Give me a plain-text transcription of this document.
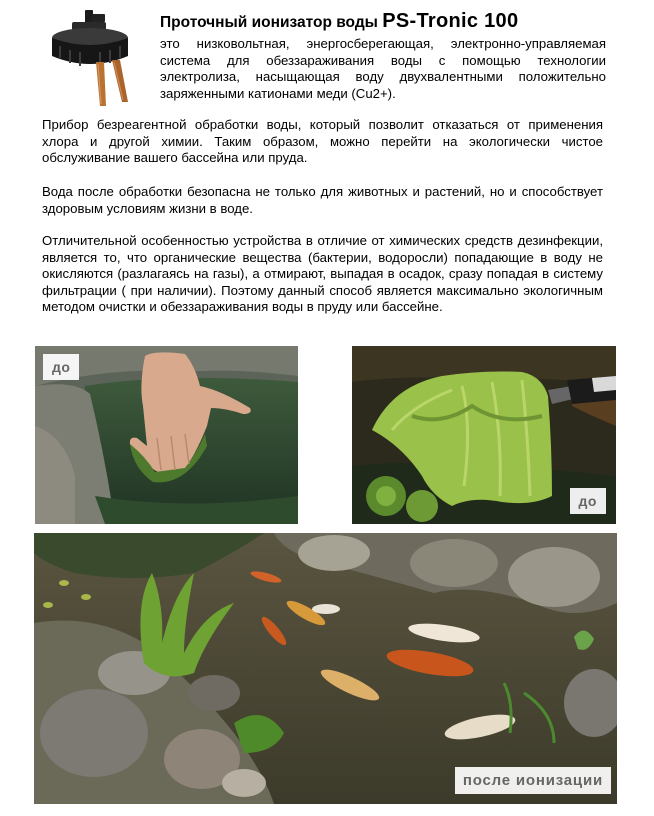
Проточный ионизатор воды PS-Tronic 100
это низковольтная, энергосберегающая, электронно-управляемая система для обеззараживания воды с помощью технологии электролиза, насыщающая воду двухвалентными положительно заряженными катионами меди (Cu2+).

Прибор безреагентной обработки воды, который позволит отказаться от применения хлора и другой химии. Таким образом, можно перейти на экологически чистое обслуживание вашего бассейна или пруда.

Вода после обработки безопасна не только для животных и растений, но и способствует здоровым условиям жизни в воде.

Отличительной особенностью устройства в отличие от химических средств дезинфекции, является то, что органические вещества (бактерии, водоросли) попадающие в воду не окисляются (разлагаясь на газы), а отмирают, выпадая в осадок, сразу попадая в систему фильтрации ( при наличии). Поэтому данный способ является максимально экологичным методом очистки и обеззараживания воды в пруду или бассейне.

до
до
после ионизации
